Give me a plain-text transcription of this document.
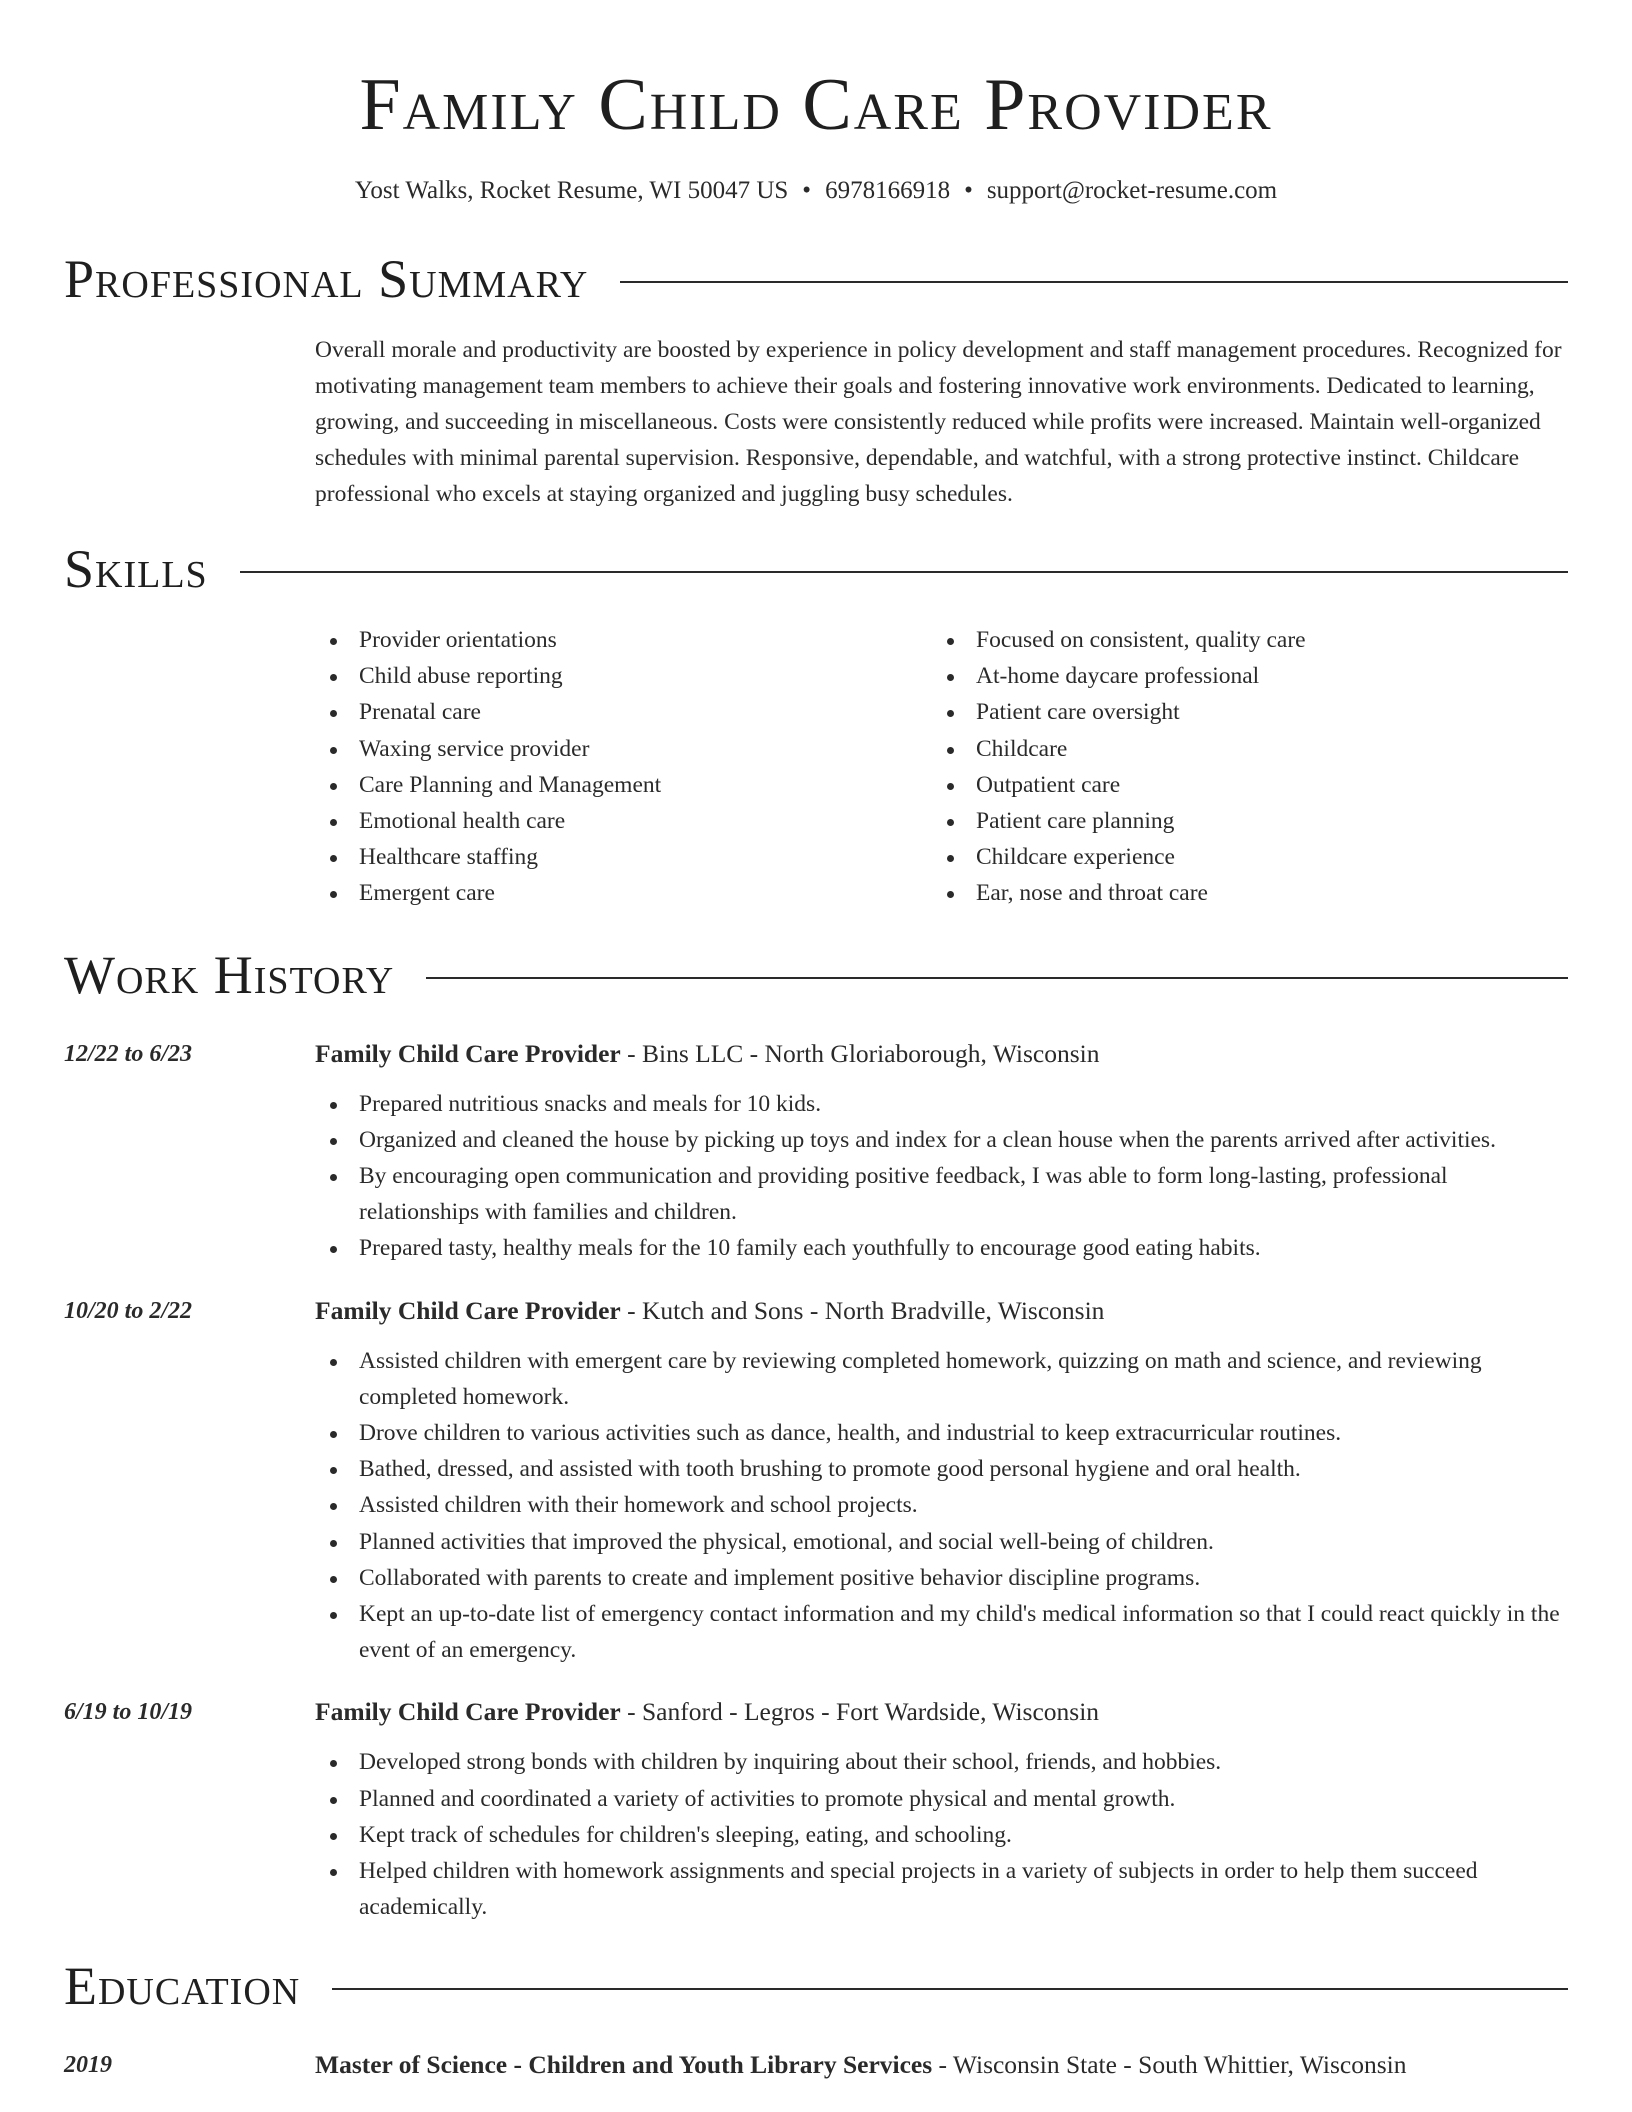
Family Child Care Provider
Yost Walks, Rocket Resume, WI 50047 US • 6978166918 • support@rocket-resume.com
Professional Summary

Overall morale and productivity are boosted by experience in policy development and staff management procedures. Recognized for motivating management team members to achieve their goals and fostering innovative work environments. Dedicated to learning, growing, and succeeding in miscellaneous. Costs were consistently reduced while profits were increased. Maintain well-organized schedules with minimal parental supervision. Responsive, dependable, and watchful, with a strong protective instinct. Childcare professional who excels at staying organized and juggling busy schedules.

Skills
Provider orientations
Child abuse reporting
Prenatal care
Waxing service provider
Care Planning and Management
Emotional health care
Healthcare staffing
Emergent care
Focused on consistent, quality care
At-home daycare professional
Patient care oversight
Childcare
Outpatient care
Patient care planning
Childcare experience
Ear, nose and throat care
Work History
12/22 to 6/23	Family Child Care Provider - Bins LLC - North Gloriaborough, Wisconsin
Prepared nutritious snacks and meals for 10 kids.
Organized and cleaned the house by picking up toys and index for a clean house when the parents arrived after activities.
By encouraging open communication and providing positive feedback, I was able to form long-lasting, professional relationships with families and children.
Prepared tasty, healthy meals for the 10 family each youthfully to encourage good eating habits.
10/20 to 2/22	Family Child Care Provider - Kutch and Sons - North Bradville, Wisconsin
Assisted children with emergent care by reviewing completed homework, quizzing on math and science, and reviewing completed homework.
Drove children to various activities such as dance, health, and industrial to keep extracurricular routines.
Bathed, dressed, and assisted with tooth brushing to promote good personal hygiene and oral health.
Assisted children with their homework and school projects.
Planned activities that improved the physical, emotional, and social well-being of children.
Collaborated with parents to create and implement positive behavior discipline programs.
Kept an up-to-date list of emergency contact information and my child's medical information so that I could react quickly in the event of an emergency.
6/19 to 10/19	Family Child Care Provider - Sanford - Legros - Fort Wardside, Wisconsin
Developed strong bonds with children by inquiring about their school, friends, and hobbies.
Planned and coordinated a variety of activities to promote physical and mental growth.
Kept track of schedules for children's sleeping, eating, and schooling.
Helped children with homework assignments and special projects in a variety of subjects in order to help them succeed academically.
Education
2019	Master of Science - Children and Youth Library Services - Wisconsin State - South Whittier, Wisconsin
